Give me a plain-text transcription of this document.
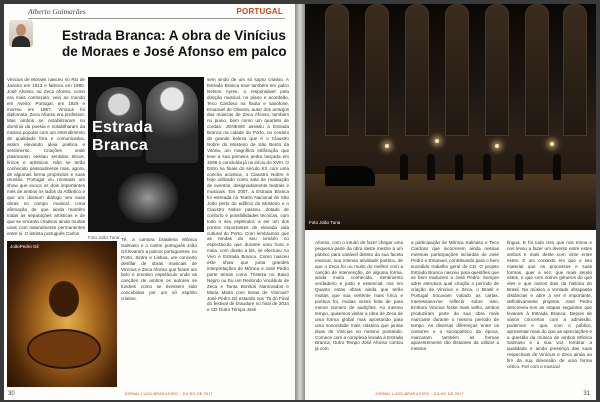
Alberto Guimarães	PORTUGAL
Estrada Branca: A obra de Vinícius
de Moraes e José Afonso em palco
Vinicius de Moraes nasceu no Rio de Janeiro em 1913 e faleceu em 1980. José Afonso, ou Zeca Afonso, como era mais conhecido, veio ao mundo em Aveiro, Portugal, em 1929 e morreu em 1987. Vinicius foi diplomata, Zeca Afonso era professor. Mas ambos se notabilizaram no domínio da poesia e notabilharam da música popular com um entendimento de qualidade fora e comunicativa, assim elevando ideia poética e sentimento. Criações onde plasmaram oessau sentidos éticos, líricos e artísticos. Não se terão conhecido pessoalmente mas, agora, de algumas forma propósitos e suas reunião. Portugal viu montado um show que evoca os dois importantes mes de ambos os lados do Atlântico e que um dossurn diálogo veu suas obras no campo musical. Uma afirmação de que ainda mantêm todas as separações artísticas e de que se encanta criativos ainda muitas unas com naturalmente permanentes entre si. O letrista português Carlos
Estrada
Branca
Tê, a cantora brasileira Mônica Salmaso e o cantor português João Gil levaram a palcos portugueses, no Porto, Sintra e Lisboa, um concerto desfilar de obras musicais de Vinicius e Zeca Afonso que foram um belo e emotivo espetáculo onde as canções de ambos os autores se fundem como se tivessem sido concebidas por um só espírito criativo.
sem vindo de um só sopro criativo. A Estrada Branca teve também em palco Nelson Ayres, o responsável pela direção musical, no piano e acordeão, Teco Cardoso na flauta e saxofone, Emanuel de Oliveira, autor dos arranjos das músicas de Zeca Afonso, também no piano, bem como um quarteto de cordas. JGNEWS assistiu à Estrada Branca na cidade do Porto, no cenário de grande beleza que é o Claustro Nobre do Mosteiro de São Bento da Vitória, um magnífica edificação que teve a sua primeira pedra lançada em 1598 e concluída já no início do XVIII. O Estro na finais do século XX com uma concha acústica, o Claustro Nobre é hoje utilizado como sala de realização de eventos, designadamente teatrais e musicais. Em 2007, a Estrada Branca foi estreada no Teatro Nacional de São João perto do edifício do Mosteiro e o Claustro Nobre passou, dotado de conforto e possibilidades técnicas, com todo o seu esplendor, a ser um dos pontos importantes de elevada vida cultural do Porto. Com lembramos que as rendas do seu cenário no espectáculo que durante uma hora e meia, com direito a bis, se efectuou Ao Vivo e Estrada Branca. Como nasceu este show que junta grandes interpretações de Mônica e José Pedro parte temas como Tristeza no Baixo Negro ou Eu um Redondo Vocábulo de Zeca e Tanta Bonitos Namorados e Maria Moita com letras de Vinicius? José Pedro Gil estando nos 'Ta do Final do festival de braudure no final de 2014 e CD Outro Tempo José
JoãoPedro Gil
Foto João Tuna
30	JORNAL LUSO-BRASILEIRO · JULHO DE 2017
Foto João Tuna
Afonso, com o intuito de fazer chegar uma pequena parte da obra deste mestre a um público para variável distrito da sua faceta musical, sua intensa atividade poética, de que o Zeca foi ou muito do melhor com a canção de intervenção, de alguma forma, ainda muito conhecida. Sentimento verdadeiro e justo e essencial, nos em Quanto estas obras ainda que terão muitas que sua vertente mais lírica e poética foi, muitas vezes feita de para menor número de audições. Ao mesmo tempo, quisemos visitar a obra de Zeca de uma forma global mas apontando para uma sonoridade mais clássica que juntas duas de Vinícius no mesmo pontando. Comece com a complexa levada à Estrada Branca, Outro Tempo José Afonso contou já com
a participação de Mônica Salmaso e Teco Cardoso que incorrerem ainda nessas mesmas participações incluídas de José Pedro e Emanuel, contribuindo para o bem sucedido trabalho geral do CD. O projeto Estrada Branca nasceu para questões que se bem traduzem a José Pedro: Sempre adrei estrutura qual criação o período de criação de Vinicius e Zeca, o Brasil e Portugal trocavam voltado as cartas. Interessava-me reflectir sobre isso. Embora Vinicius fosse mais velho, ambos produziram parte da sua obra mais marcante durante o mesmo período de tempo. As diversas diferenças entre os cantores e o sociopolítico da época, marcaram também as formas aparentemente tão distantes da utilizar a mesma
língua. E foi tudo isso que nos trinou e nos levou a fazer um diverso entre estes ambos e mais deste com vinte entre estes. E um contexto em que o seu material que os processos e suas formas, quer a vez, que mais sendo estes, e que com outros géneros do que eles e que outros dois da história do Brasil. Na música a vontade ultrapassa distâncias e abre a ver é importante, definitivamente projetos. José Pedro descreveu-nos as etapas seguintes que levaram à Estrada Branca: Depois de vários concertos com a admissão, podemos e que, com o público, apresentar mais do que as apreciações e a questão da música de ambos Mônica Salmaso e a sua voz, lembrar a qualidade e ainda presença das suas respectivas de Vinícius e Zeca ainda ao fim da sua dimensão de uma forma cético. Fiel com o musical
JORNAL LUSO-BRASILEIRO · JULHO DE 2017	31
